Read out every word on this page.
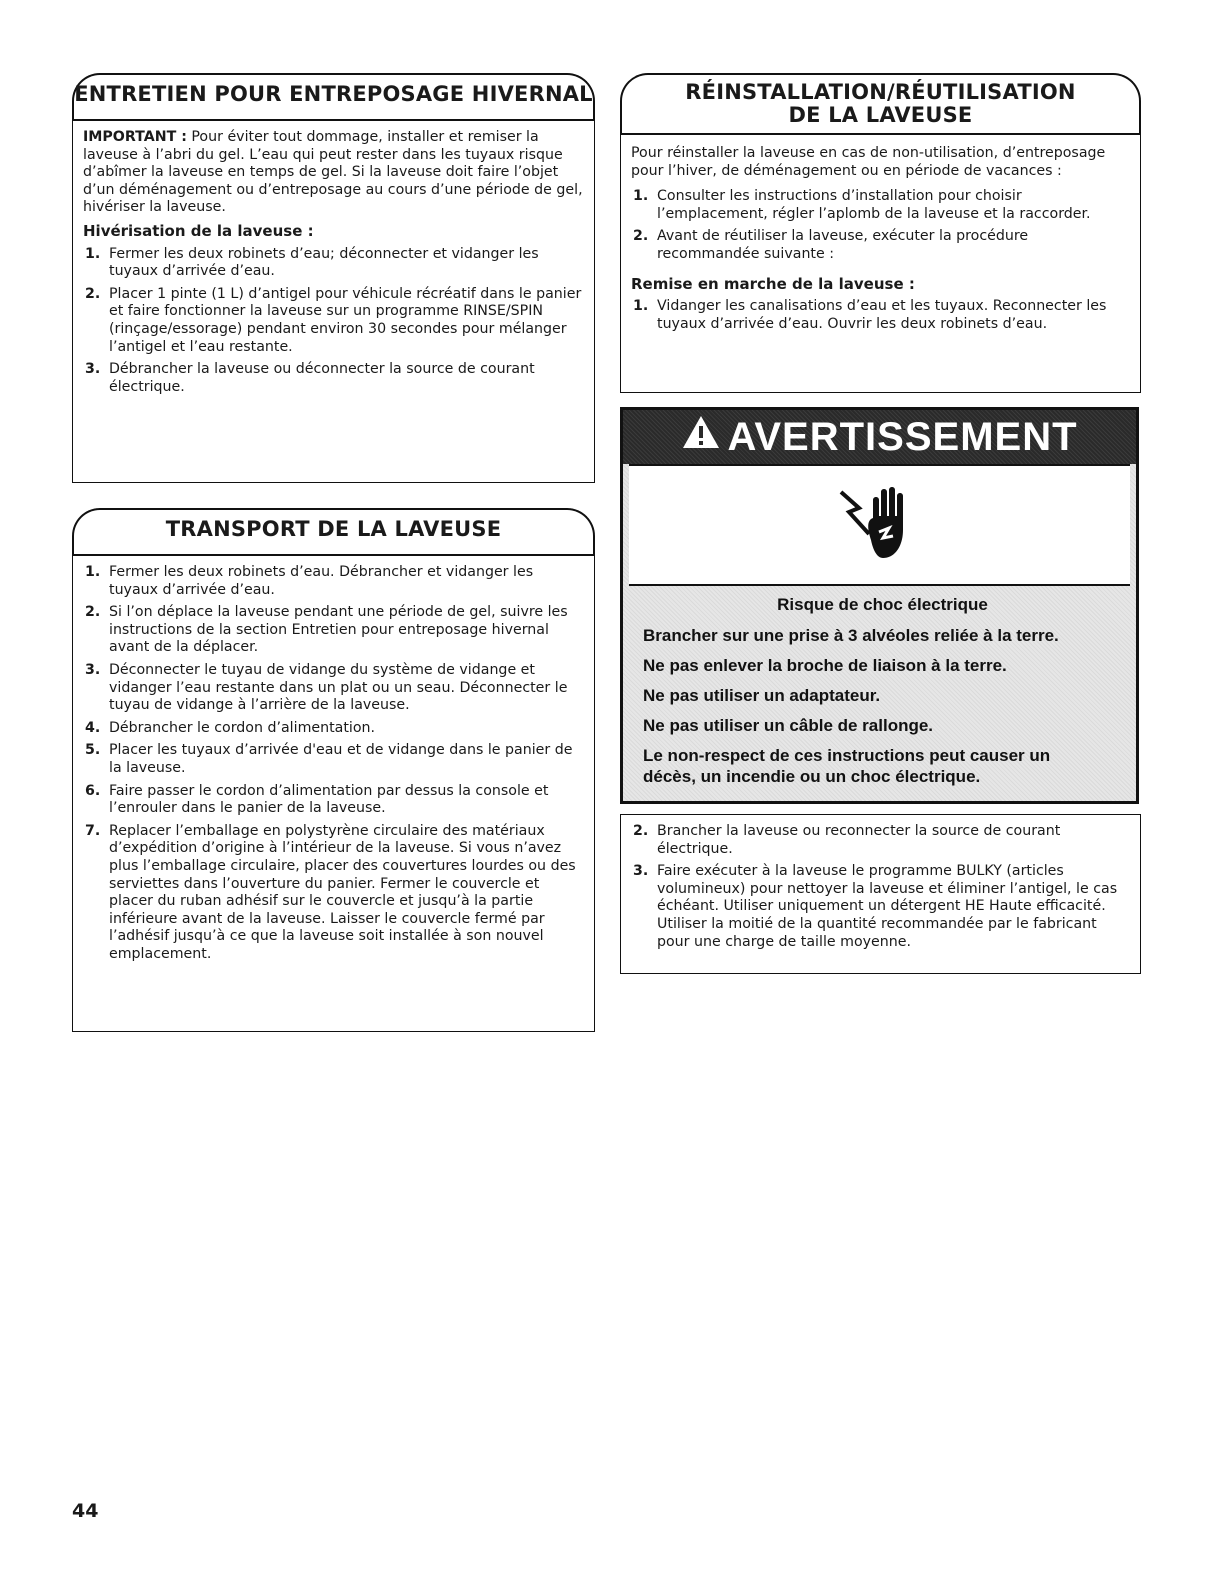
ENTRETIEN POUR ENTREPOSAGE HIVERNAL

IMPORTANT : Pour éviter tout dommage, installer et remiser la laveuse à l’abri du gel. L’eau qui peut rester dans les tuyaux risque d’abîmer la laveuse en temps de gel. Si la laveuse doit faire l’objet d’un déménagement ou d’entreposage au cours d’une période de gel, hivériser la laveuse.

Hivérisation de la laveuse :
1. Fermer les deux robinets d’eau; déconnecter et vidanger les tuyaux d’arrivée d’eau.
2. Placer 1 pinte (1 L) d’antigel pour véhicule récréatif dans le panier et faire fonctionner la laveuse sur un programme RINSE/SPIN (rinçage/essorage) pendant environ 30 secondes pour mélanger l’antigel et l’eau restante.
3. Débrancher la laveuse ou déconnecter la source de courant électrique.
TRANSPORT DE LA LAVEUSE
1. Fermer les deux robinets d’eau. Débrancher et vidanger les tuyaux d’arrivée d’eau.
2. Si l’on déplace la laveuse pendant une période de gel, suivre les instructions de la section Entretien pour entreposage hivernal avant de la déplacer.
3. Déconnecter le tuyau de vidange du système de vidange et vidanger l’eau restante dans un plat ou un seau. Déconnecter le tuyau de vidange à l’arrière de la laveuse.
4. Débrancher le cordon d’alimentation.
5. Placer les tuyaux d’arrivée d'eau et de vidange dans le panier de la laveuse.
6. Faire passer le cordon d’alimentation par dessus la console et l’enrouler dans le panier de la laveuse.
7. Replacer l’emballage en polystyrène circulaire des matériaux d’expédition d’origine à l’intérieur de la laveuse. Si vous n’avez plus l’emballage circulaire, placer des couvertures lourdes ou des serviettes dans l’ouverture du panier. Fermer le couvercle et placer du ruban adhésif sur le couvercle et jusqu’à la partie inférieure avant de la laveuse. Laisser le couvercle fermé par l’adhésif jusqu’à ce que la laveuse soit installée à son nouvel emplacement.
RÉINSTALLATION/RÉUTILISATION
DE LA LAVEUSE

Pour réinstaller la laveuse en cas de non-utilisation, d’entreposage pour l’hiver, de déménagement ou en période de vacances :

1. Consulter les instructions d’installation pour choisir l’emplacement, régler l’aplomb de la laveuse et la raccorder.
2. Avant de réutiliser la laveuse, exécuter la procédure recommandée suivante :
Remise en marche de la laveuse :
1. Vidanger les canalisations d’eau et les tuyaux. Reconnecter les tuyaux d’arrivée d’eau. Ouvrir les deux robinets d’eau.
AVERTISSEMENT
Risque de choc électrique
Brancher sur une prise à 3 alvéoles reliée à la terre.
Ne pas enlever la broche de liaison à la terre.
Ne pas utiliser un adaptateur.
Ne pas utiliser un câble de rallonge.
Le non-respect de ces instructions peut causer un décès, un incendie ou un choc électrique.
2. Brancher la laveuse ou reconnecter la source de courant électrique.
3. Faire exécuter à la laveuse le programme BULKY (articles volumineux) pour nettoyer la laveuse et éliminer l’antigel, le cas échéant. Utiliser uniquement un détergent HE Haute efficacité. Utiliser la moitié de la quantité recommandée par le fabricant pour une charge de taille moyenne.
44
